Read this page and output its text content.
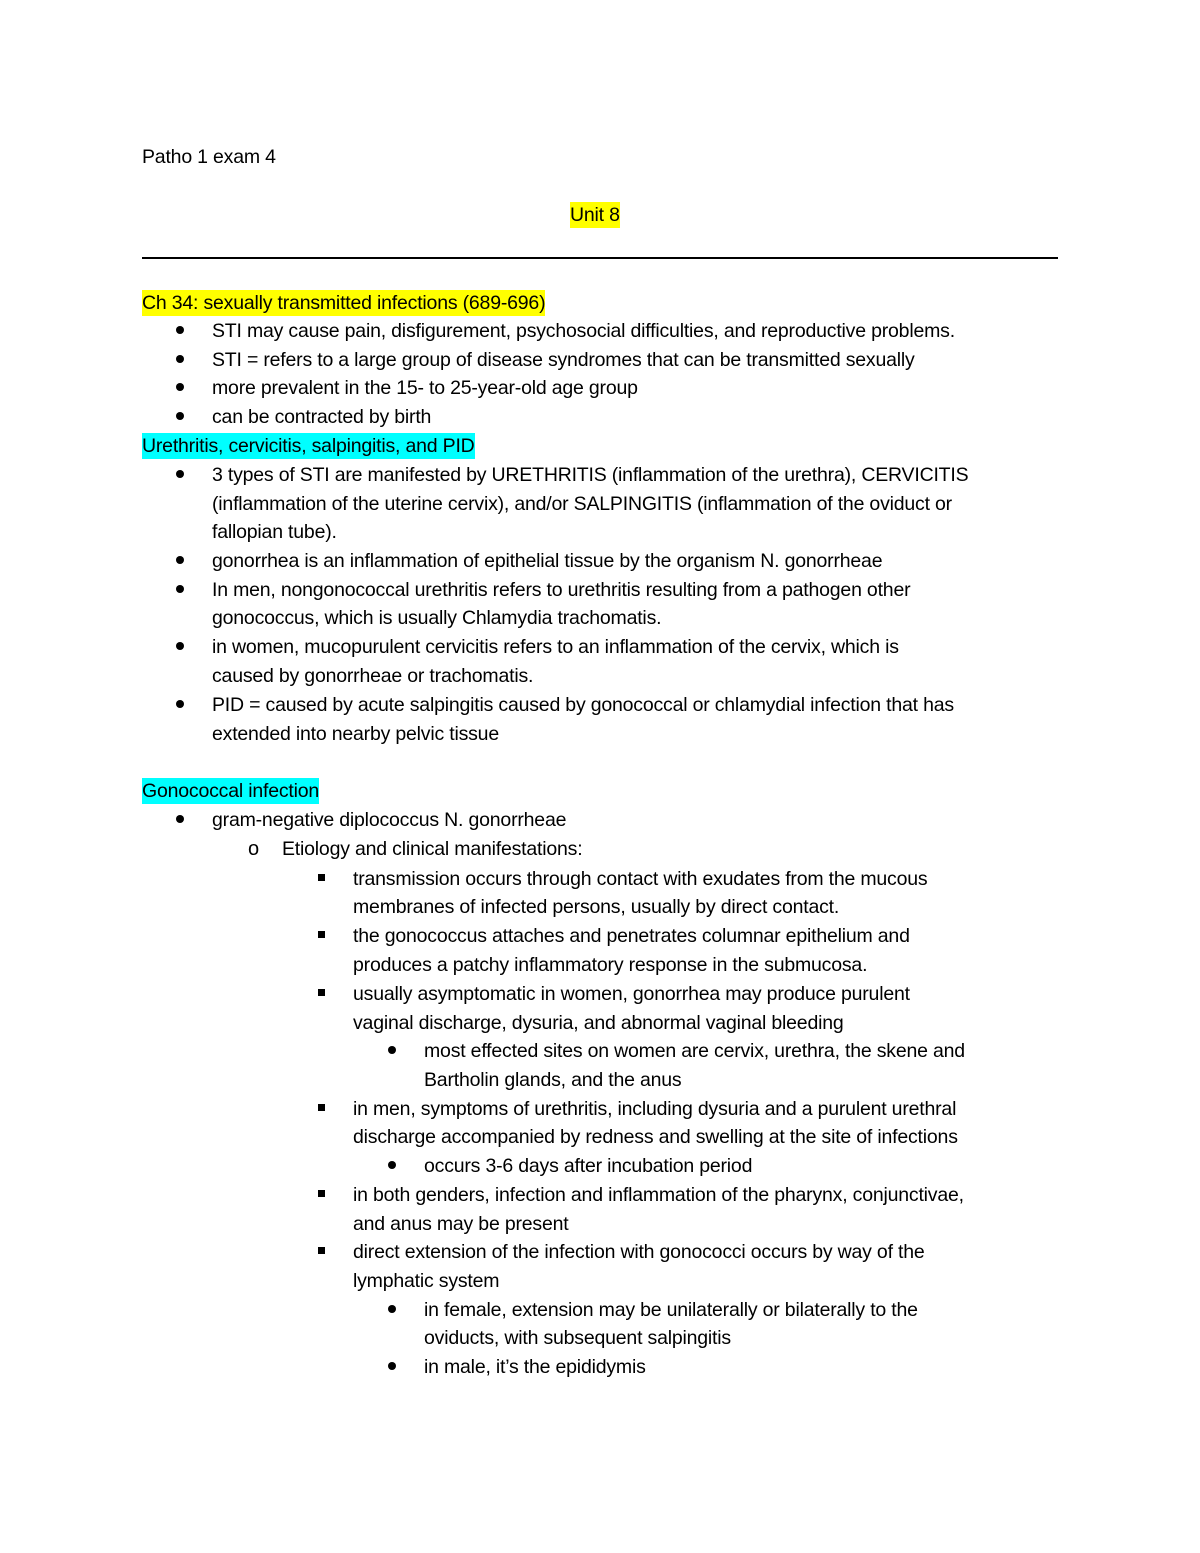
Patho 1 exam 4
Unit 8
Ch 34: sexually transmitted infections (689-696)
STI may cause pain, disfigurement, psychosocial difficulties, and reproductive problems.
STI = refers to a large group of disease syndromes that can be transmitted sexually
more prevalent in the 15- to 25-year-old age group
can be contracted by birth
Urethritis, cervicitis, salpingitis, and PID
3 types of STI are manifested by URETHRITIS (inflammation of the urethra), CERVICITIS
(inflammation of the uterine cervix), and/or SALPINGITIS (inflammation of the oviduct or
fallopian tube).
gonorrhea is an inflammation of epithelial tissue by the organism N. gonorrheae
In men, nongonococcal urethritis refers to urethritis resulting from a pathogen other
gonococcus, which is usually Chlamydia trachomatis.
in women, mucopurulent cervicitis refers to an inflammation of the cervix, which is
caused by gonorrheae or trachomatis.
PID = caused by acute salpingitis caused by gonococcal or chlamydial infection that has
extended into nearby pelvic tissue
Gonococcal infection
gram-negative diplococcus N. gonorrheae
o Etiology and clinical manifestations:
transmission occurs through contact with exudates from the mucous
membranes of infected persons, usually by direct contact.
the gonococcus attaches and penetrates columnar epithelium and
produces a patchy inflammatory response in the submucosa.
usually asymptomatic in women, gonorrhea may produce purulent
vaginal discharge, dysuria, and abnormal vaginal bleeding
most effected sites on women are cervix, urethra, the skene and
Bartholin glands, and the anus
in men, symptoms of urethritis, including dysuria and a purulent urethral
discharge accompanied by redness and swelling at the site of infections
occurs 3-6 days after incubation period
in both genders, infection and inflammation of the pharynx, conjunctivae,
and anus may be present
direct extension of the infection with gonococci occurs by way of the
lymphatic system
in female, extension may be unilaterally or bilaterally to the
oviducts, with subsequent salpingitis
in male, it’s the epididymis
